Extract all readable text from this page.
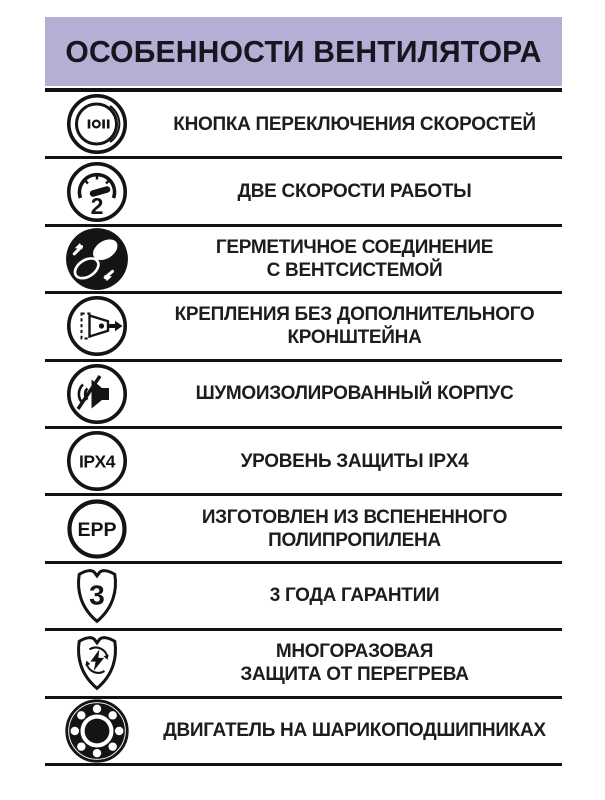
ОСОБЕННОСТИ ВЕНТИЛЯТОРА
КНОПКА ПЕРЕКЛЮЧЕНИЯ СКОРОСТЕЙ
2
ДВЕ СКОРОСТИ РАБОТЫ
ГЕРМЕТИЧНОЕ СОЕДИНЕНИЕ
С ВЕНТСИСТЕМОЙ
КРЕПЛЕНИЯ БЕЗ ДОПОЛНИТЕЛЬНОГО
КРОНШТЕЙНА
ШУМОИЗОЛИРОВАННЫЙ КОРПУС
IPX4	УРОВЕНЬ ЗАЩИТЫ IPX4
EPP
ИЗГОТОВЛЕН ИЗ ВСПЕНЕННОГО
ПОЛИПРОПИЛЕНА
3	3 ГОДА ГАРАНТИИ
МНОГОРАЗОВАЯ
ЗАЩИТА ОТ ПЕРЕГРЕВА
ДВИГАТЕЛЬ НА ШАРИКОПОДШИПНИКАХ
